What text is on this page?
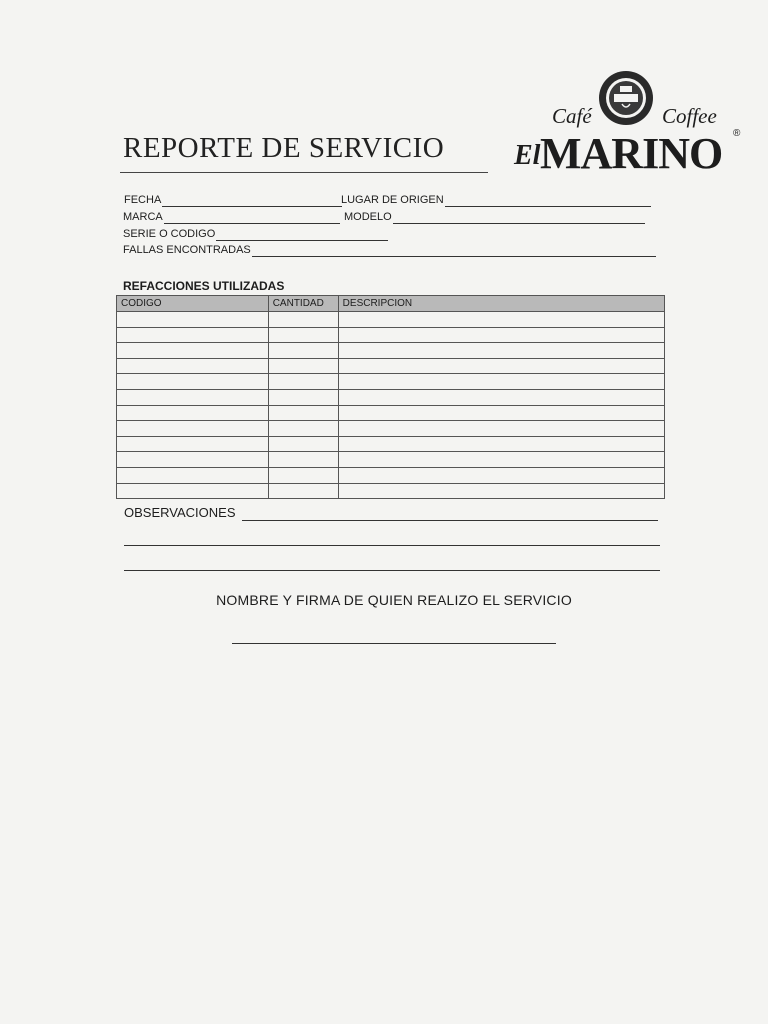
REPORTE DE SERVICIO
Café	Coffee
El MARINO ®
FECHA	LUGAR DE ORIGEN
MARCA	MODELO
SERIE O CODIGO
FALLAS ENCONTRADAS
REFACCIONES UTILIZADAS
CODIGO	CANTIDAD	DESCRIPCION

OBSERVACIONES
NOMBRE Y FIRMA DE QUIEN REALIZO EL SERVICIO
